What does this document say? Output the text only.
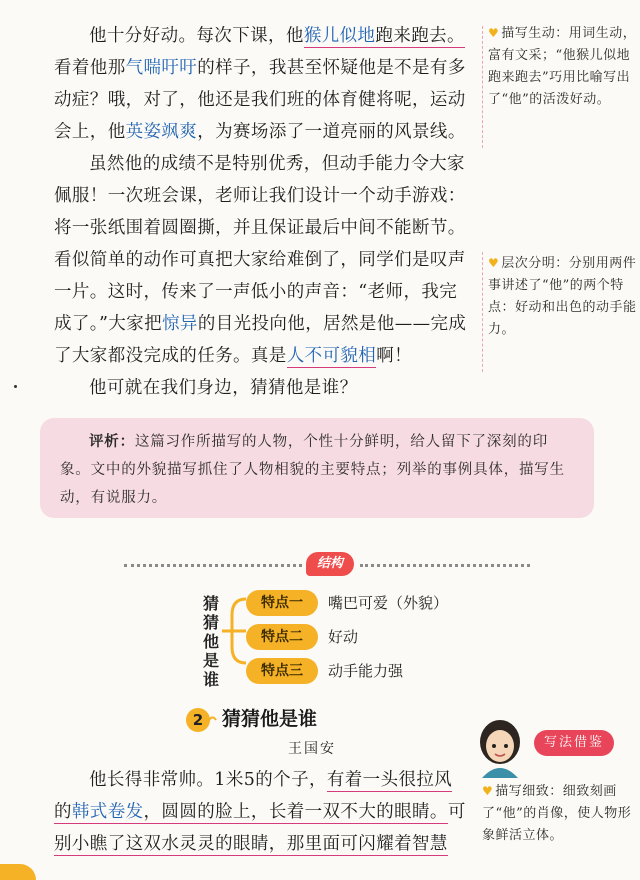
他十分好动。每次下课，他猴儿似地跑来跑去。看着他那气喘吁吁的样子，我甚至怀疑他是不是有多动症？哦，对了，他还是我们班的体育健将呢，运动会上，他英姿飒爽，为赛场添了一道亮丽的风景线。

虽然他的成绩不是特别优秀，但动手能力令大家佩服！一次班会课，老师让我们设计一个动手游戏：将一张纸围着圆圈撕，并且保证最后中间不能断节。看似简单的动作可真把大家给难倒了，同学们是叹声一片。这时，传来了一声低小的声音：“老师，我完成了。”大家把惊异的目光投向他，居然是他——完成了大家都没完成的任务。真是人不可貌相啊！

他可就在我们身边，猜猜他是谁？

♥ 描写生动：用词生动，富有文采；“他猴儿似地跑来跑去”巧用比喻写出了“他”的活泼好动。
♥ 层次分明：分别用两件事讲述了“他”的两个特点：好动和出色的动手能力。
评析：这篇习作所描写的人物，个性十分鲜明，给人留下了深刻的印象。文中的外貌描写抓住了人物相貌的主要特点；列举的事例具体，描写生动，有说服力。
结构
猜
猜
他
是
谁
特点一	嘴巴可爱（外貌）
特点二	好动
特点三	动手能力强
2 猜猜他是谁
王国安
他长得非常帅。1米5的个子，有着一头很拉风
的韩式卷发，圆圆的脸上，长着一双不大的眼睛。可
别小瞧了这双水灵灵的眼睛，那里面可闪耀着智慧
写法借鉴
♥ 描写细致：细致刻画了“他”的肖像，使人物形象鲜活立体。
